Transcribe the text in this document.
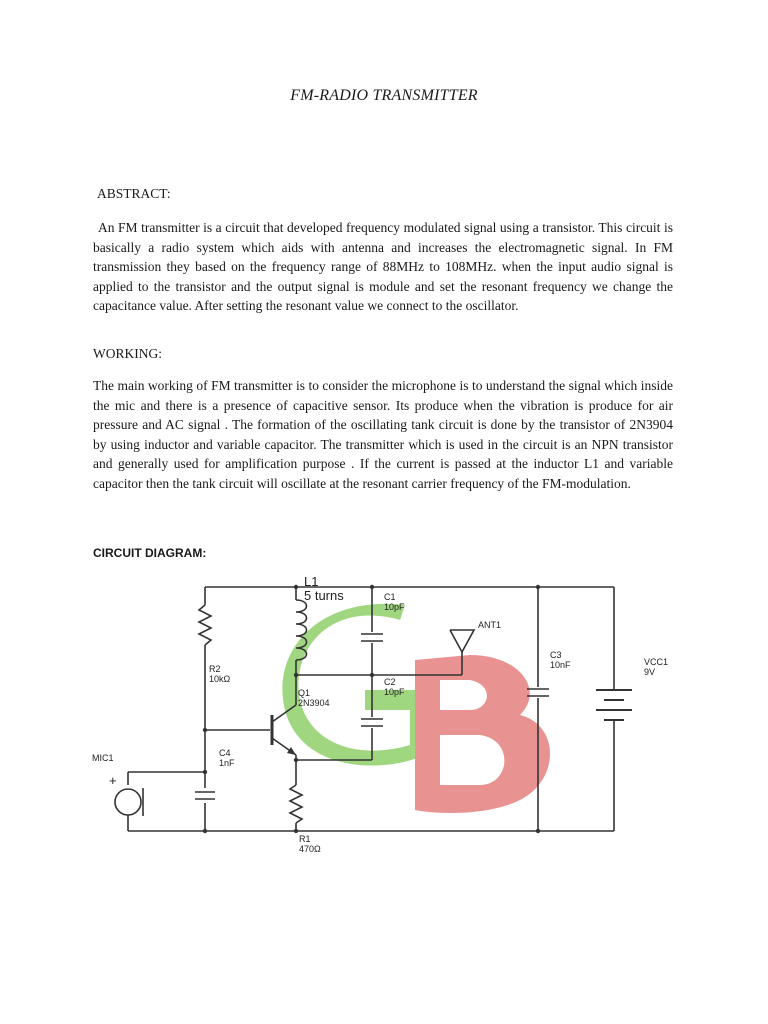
FM-RADIO TRANSMITTER
ABSTRACT:

An FM transmitter is a circuit that developed frequency modulated signal using a transistor. This circuit is basically a radio system which aids with antenna and increases the electromagnetic signal. In FM transmission they based on the frequency range of 88MHz to 108MHz. when the input audio signal is applied to the transistor and the output signal is module and set the resonant frequency we change the capacitance value. After setting the resonant value we connect to the oscillator.

WORKING:

The main working of FM transmitter is to consider the microphone is to understand the signal which inside the mic and there is a presence of capacitive sensor. Its produce when the vibration is produce for air pressure and AC signal . The formation of the oscillating tank circuit is done by the transistor of 2N3904 by using inductor and variable capacitor. The transmitter which is used in the circuit is an NPN transistor and generally used for amplification purpose . If the current is passed at the inductor L1 and variable capacitor then the tank circuit will oscillate at the resonant carrier frequency of the FM-modulation.

CIRCUIT DIAGRAM:
L1
5 turns	C1
10pF
C2
10pF
ANT1
C3
10nF	VCC1
9V
R2
10kΩ
Q1
2N3904
C4
1nF
MIC1
+
R1
470Ω
